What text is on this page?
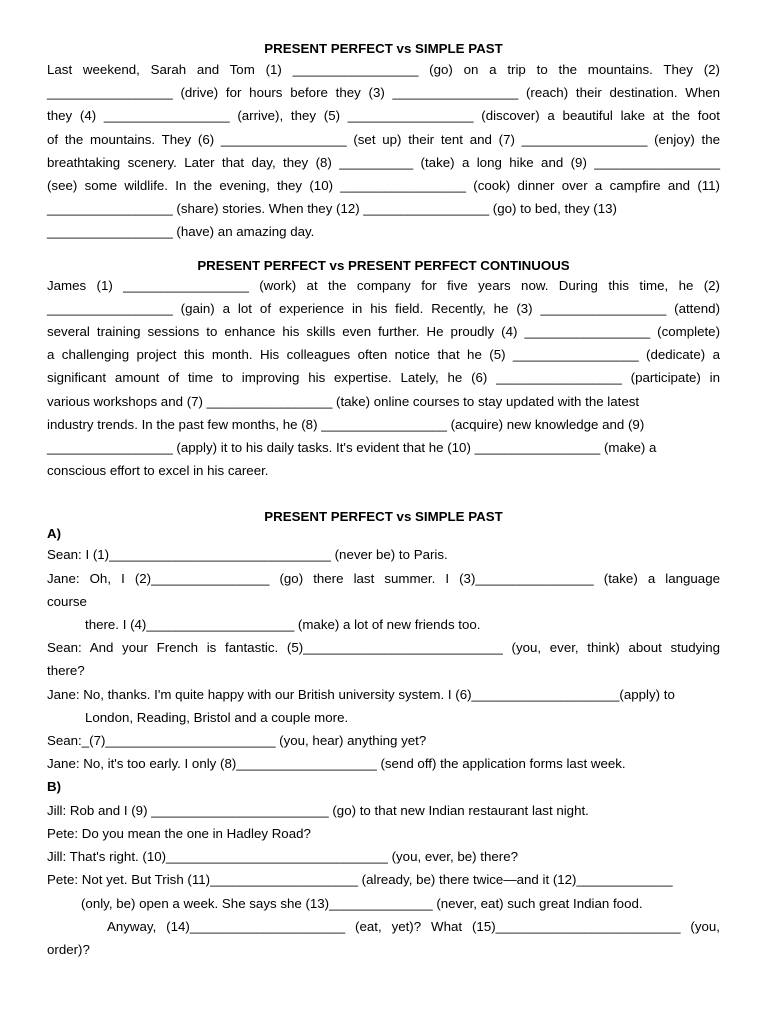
PRESENT PERFECT vs SIMPLE PAST
Last weekend, Sarah and Tom (1) _________________ (go) on a trip to the mountains. They (2)
_________________ (drive) for hours before they (3) _________________ (reach) their destination. When
they (4) _________________ (arrive), they (5) _________________ (discover) a beautiful lake at the foot
of the mountains. They (6) _________________ (set up) their tent and (7) _________________ (enjoy) the
breathtaking scenery. Later that day, they (8) __________ (take) a long hike and (9) _________________
(see) some wildlife. In the evening, they (10) _________________ (cook) dinner over a campfire and (11)
_________________ (share) stories. When they (12) _________________ (go) to bed, they (13)
_________________ (have) an amazing day.
PRESENT PERFECT vs PRESENT PERFECT CONTINUOUS
James (1) _________________ (work) at the company for five years now. During this time, he (2)
_________________ (gain) a lot of experience in his field. Recently, he (3) _________________ (attend)
several training sessions to enhance his skills even further. He proudly (4) _________________ (complete)
a challenging project this month. His colleagues often notice that he (5) _________________ (dedicate) a
significant amount of time to improving his expertise. Lately, he (6) _________________ (participate) in
various workshops and (7) _________________ (take) online courses to stay updated with the latest
industry trends. In the past few months, he (8) _________________ (acquire) new knowledge and (9)
_________________ (apply) it to his daily tasks. It's evident that he (10) _________________ (make) a
conscious effort to excel in his career.
PRESENT PERFECT vs SIMPLE PAST
A)
Sean: I (1)______________________________ (never be) to Paris.
Jane: Oh, I (2)________________ (go) there last summer. I (3)________________ (take) a language
course
there. I (4)____________________ (make) a lot of new friends too.
Sean: And your French is fantastic. (5)___________________________ (you, ever, think) about studying
there?
Jane: No, thanks. I'm quite happy with our British university system. I (6)____________________(apply) to
London, Reading, Bristol and a couple more.
Sean:_(7)_______________________ (you, hear) anything yet?
Jane: No, it's too early. I only (8)___________________ (send off) the application forms last week.
B)
Jill: Rob and I (9) ________________________ (go) to that new Indian restaurant last night.
Pete: Do you mean the one in Hadley Road?
Jill: That's right. (10)______________________________ (you, ever, be) there?
Pete: Not yet. But Trish (11)____________________ (already, be) there twice—and it (12)_____________
(only, be) open a week. She says she (13)______________ (never, eat) such great Indian food.
Anyway, (14)_____________________ (eat, yet)? What (15)_________________________ (you,
order)?
